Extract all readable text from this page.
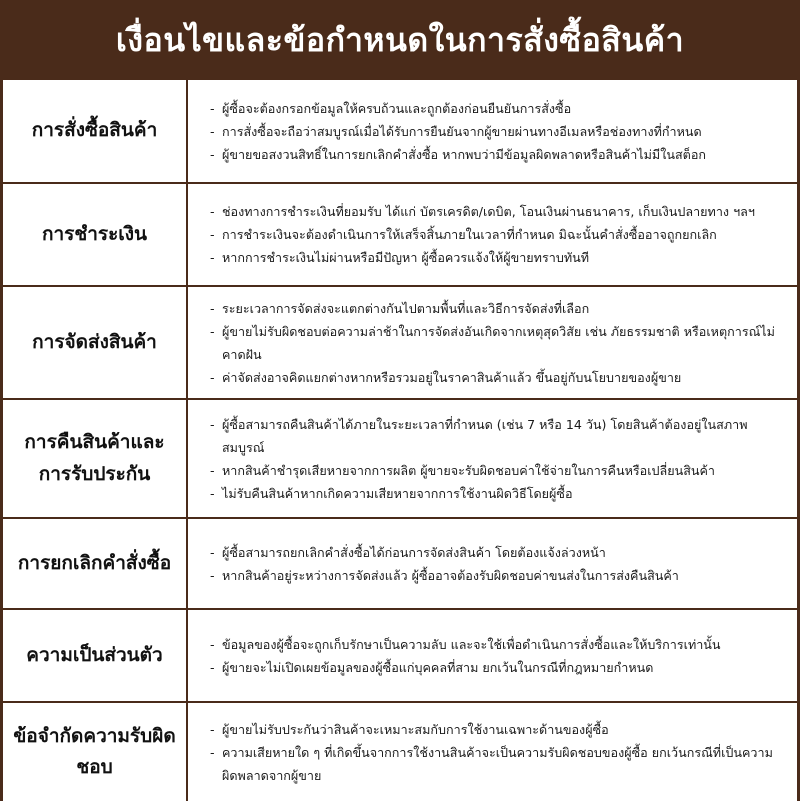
เงื่อนไขและข้อกำหนดในการสั่งซื้อสินค้า
การสั่งซื้อสินค้า
- ผู้ซื้อจะต้องกรอกข้อมูลให้ครบถ้วนและถูกต้องก่อนยืนยันการสั่งซื้อ
- การสั่งซื้อจะถือว่าสมบูรณ์เมื่อได้รับการยืนยันจากผู้ขายผ่านทางอีเมลหรือช่องทางที่กำหนด
- ผู้ขายขอสงวนสิทธิ์ในการยกเลิกคำสั่งซื้อ หากพบว่ามีข้อมูลผิดพลาดหรือสินค้าไม่มีในสต็อก
การชำระเงิน
- ช่องทางการชำระเงินที่ยอมรับ ได้แก่ บัตรเครดิต/เดบิต, โอนเงินผ่านธนาคาร, เก็บเงินปลายทาง ฯลฯ
- การชำระเงินจะต้องดำเนินการให้เสร็จสิ้นภายในเวลาที่กำหนด มิฉะนั้นคำสั่งซื้ออาจถูกยกเลิก
- หากการชำระเงินไม่ผ่านหรือมีปัญหา ผู้ซื้อควรแจ้งให้ผู้ขายทราบทันที
การจัดส่งสินค้า
- ระยะเวลาการจัดส่งจะแตกต่างกันไปตามพื้นที่และวิธีการจัดส่งที่เลือก
- ผู้ขายไม่รับผิดชอบต่อความล่าช้าในการจัดส่งอันเกิดจากเหตุสุดวิสัย เช่น ภัยธรรมชาติ หรือเหตุการณ์ไม่คาดฝัน
- ค่าจัดส่งอาจคิดแยกต่างหากหรือรวมอยู่ในราคาสินค้าแล้ว ขึ้นอยู่กับนโยบายของผู้ขาย
การคืนสินค้าและการรับประกัน
- ผู้ซื้อสามารถคืนสินค้าได้ภายในระยะเวลาที่กำหนด (เช่น 7 หรือ 14 วัน) โดยสินค้าต้องอยู่ในสภาพสมบูรณ์
- หากสินค้าชำรุดเสียหายจากการผลิต ผู้ขายจะรับผิดชอบค่าใช้จ่ายในการคืนหรือเปลี่ยนสินค้า
- ไม่รับคืนสินค้าหากเกิดความเสียหายจากการใช้งานผิดวิธีโดยผู้ซื้อ
การยกเลิกคำสั่งซื้อ	- ผู้ซื้อสามารถยกเลิกคำสั่งซื้อได้ก่อนการจัดส่งสินค้า โดยต้องแจ้งล่วงหน้า
- หากสินค้าอยู่ระหว่างการจัดส่งแล้ว ผู้ซื้ออาจต้องรับผิดชอบค่าขนส่งในการส่งคืนสินค้า
ความเป็นส่วนตัว	- ข้อมูลของผู้ซื้อจะถูกเก็บรักษาเป็นความลับ และจะใช้เพื่อดำเนินการสั่งซื้อและให้บริการเท่านั้น
- ผู้ขายจะไม่เปิดเผยข้อมูลของผู้ซื้อแก่บุคคลที่สาม ยกเว้นในกรณีที่กฎหมายกำหนด
ข้อจำกัดความรับผิดชอบ
- ผู้ขายไม่รับประกันว่าสินค้าจะเหมาะสมกับการใช้งานเฉพาะด้านของผู้ซื้อ
- ความเสียหายใด ๆ ที่เกิดขึ้นจากการใช้งานสินค้าจะเป็นความรับผิดชอบของผู้ซื้อ ยกเว้นกรณีที่เป็นความผิดพลาดจากผู้ขาย
